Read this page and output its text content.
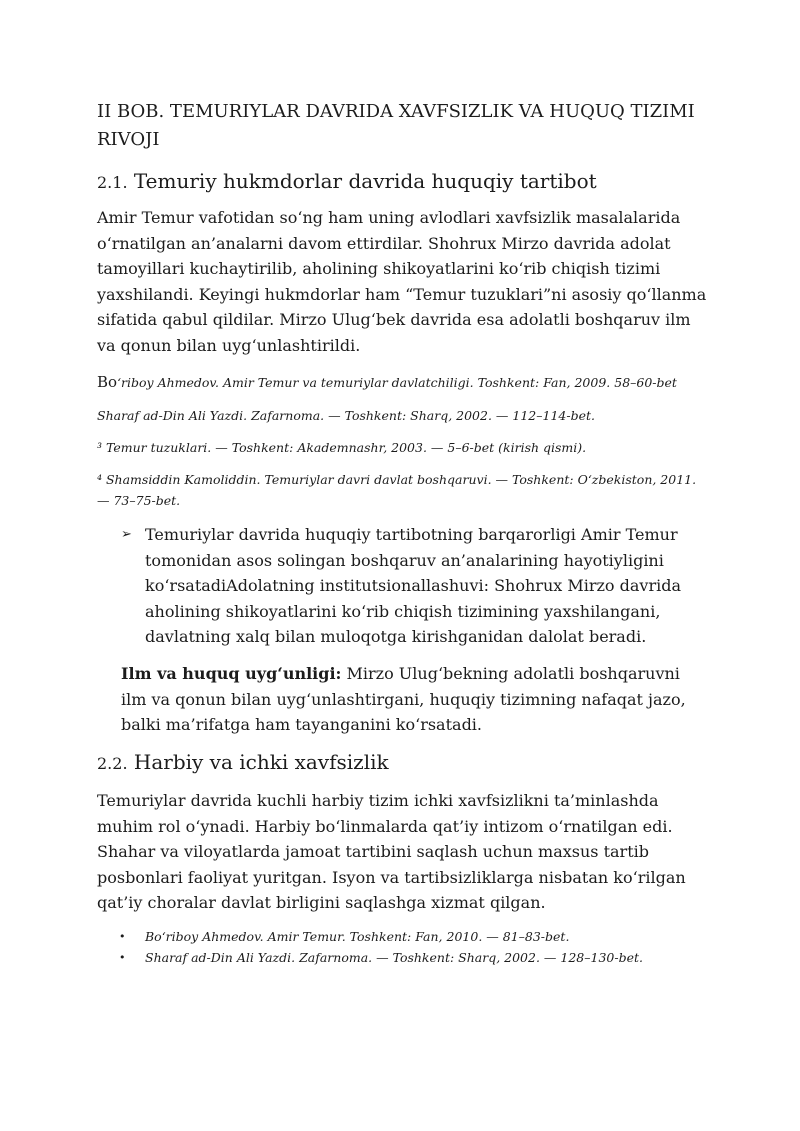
II BOB. TEMURIYLAR DAVRIDA XAVFSIZLIK VA HUQUQ TIZIMI RIVOJI
2.1. Temuriy hukmdorlar davrida huquqiy tartibot

Amir Temur vafotidan so‘ng ham uning avlodlari xavfsizlik masalalarida o‘rnatilgan an’analarni davom ettirdilar. Shohrux Mirzo davrida adolat tamoyillari kuchaytirilib, aholining shikoyatlarini ko‘rib chiqish tizimi yaxshilandi. Keyingi hukmdorlar ham “Temur tuzuklari”ni asosiy qo‘llanma sifatida qabul qildilar. Mirzo Ulug‘bek davrida esa adolatli boshqaruv ilm va qonun bilan uyg‘unlashtirildi.

Bo‘riboy Ahmedov. Amir Temur va temuriylar davlatchiligi. Toshkent: Fan, 2009. 58–60-bet

Sharaf ad-Din Ali Yazdi. Zafarnoma. — Toshkent: Sharq, 2002. — 112–114-bet.

³ Temur tuzuklari. — Toshkent: Akademnashr, 2003. — 5–6-bet (kirish qismi).

⁴ Shamsiddin Kamoliddin. Temuriylar davri davlat boshqaruvi. — Toshkent: O‘zbekiston, 2011. — 73–75-bet.

➢ Temuriylar davrida huquqiy tartibotning barqarorligi Amir Temur tomonidan asos solingan boshqaruv an’analarining hayotiyligini ko‘rsatadiAdolatning institutsionallashuvi: Shohrux Mirzo davrida aholining shikoyatlarini ko‘rib chiqish tizimining yaxshilangani, davlatning xalq bilan muloqotga kirishganidan dalolat beradi.

Ilm va huquq uyg‘unligi: Mirzo Ulug‘bekning adolatli boshqaruvni ilm va qonun bilan uyg‘unlashtirgani, huquqiy tizimning nafaqat jazo, balki ma’rifatga ham tayanganini ko‘rsatadi.

2.2. Harbiy va ichki xavfsizlik

Temuriylar davrida kuchli harbiy tizim ichki xavfsizlikni ta’minlashda muhim rol o‘ynadi. Harbiy bo‘linmalarda qat’iy intizom o‘rnatilgan edi. Shahar va viloyatlarda jamoat tartibini saqlash uchun maxsus tartib posbonlari faoliyat yuritgan. Isyon va tartibsizliklarga nisbatan ko‘rilgan qat’iy choralar davlat birligini saqlashga xizmat qilgan.

• Bo‘riboy Ahmedov. Amir Temur. Toshkent: Fan, 2010. — 81–83-bet.
• Sharaf ad-Din Ali Yazdi. Zafarnoma. — Toshkent: Sharq, 2002. — 128–130-bet.
